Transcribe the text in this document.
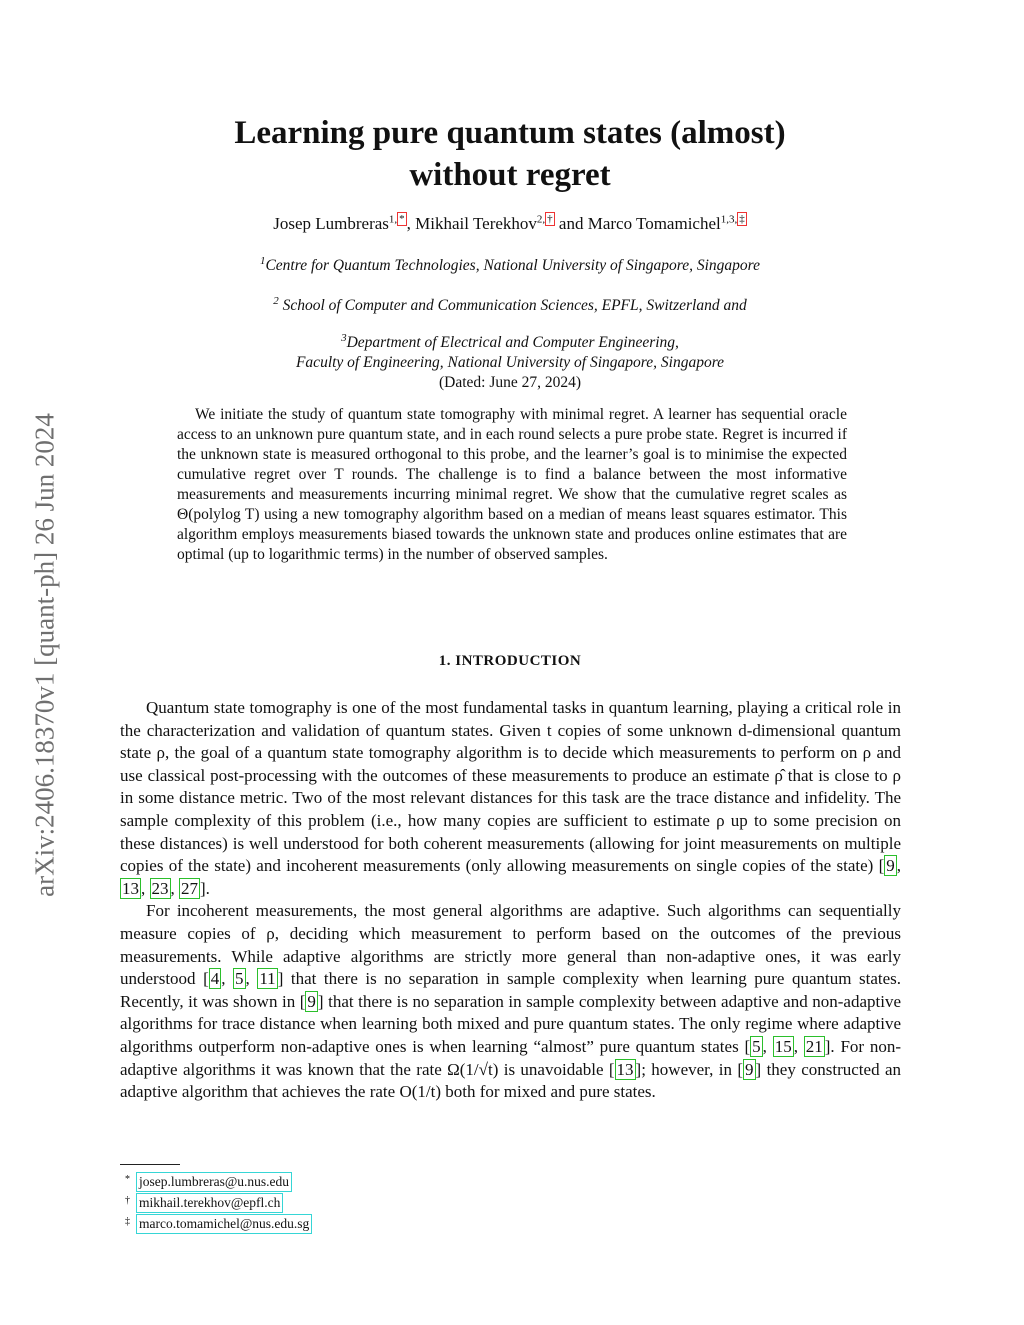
arXiv:2406.18370v1 [quant-ph] 26 Jun 2024
Learning pure quantum states (almost)
without regret
Josep Lumbreras$^{1,}$ * , Mikhail Terekhov$^{2,}$ † and Marco Tomamichel$^{1,3,}$ ‡
$^1$Centre for Quantum Technologies, National University of Singapore, Singapore
$^2$ School of Computer and Communication Sciences, EPFL, Switzerland and
$^3$Department of Electrical and Computer Engineering,
Faculty of Engineering, National University of Singapore, Singapore
(Dated: June 27, 2024)

We initiate the study of quantum state tomography with minimal regret. A learner has sequential oracle access to an unknown pure quantum state, and in each round selects a pure probe state. Regret is incurred if the unknown state is measured orthogonal to this probe, and the learner’s goal is to minimise the expected cumulative regret over T rounds. The challenge is to find a balance between the most informative measurements and measurements incurring minimal regret. We show that the cumulative regret scales as Θ(polylog T) using a new tomography algorithm based on a median of means least squares estimator. This algorithm employs measurements biased towards the unknown state and produces online estimates that are optimal (up to logarithmic terms) in the number of observed samples.

1. INTRODUCTION

Quantum state tomography is one of the most fundamental tasks in quantum learning, playing a critical role in the characterization and validation of quantum states. Given t copies of some unknown d-dimensional quantum state ρ, the goal of a quantum state tomography algorithm is to decide which measurements to perform on ρ and use classical post-processing with the outcomes of these measurements to produce an estimate ρ̂ that is close to ρ in some distance metric. Two of the most relevant distances for this task are the trace distance and infidelity. The sample complexity of this problem (i.e., how many copies are sufficient to estimate ρ up to some precision on these distances) is well understood for both coherent measurements (allowing for joint measurements on multiple copies of the state) and incoherent measurements (only allowing measurements on single copies of the state) [ 9 , 13 , 23 , 27 ].

For incoherent measurements, the most general algorithms are adaptive. Such algorithms can sequentially measure copies of ρ, deciding which measurement to perform based on the outcomes of the previous measurements. While adaptive algorithms are strictly more general than non-adaptive ones, it was early understood [ 4 , 5 , 11 ] that there is no separation in sample complexity when learning pure quantum states. Recently, it was shown in [ 9 ] that there is no separation in sample complexity between adaptive and non-adaptive algorithms for trace distance when learning both mixed and pure quantum states. The only regime where adaptive algorithms outperform non-adaptive ones is when learning “almost” pure quantum states [ 5 , 15 , 21 ]. For non-adaptive algorithms it was known that the rate Ω(1/√t) is unavoidable [ 13 ]; however, in [ 9 ] they constructed an adaptive algorithm that achieves the rate O(1/t) both for mixed and pure states.

* josep.lumbreras@u.nus.edu
† mikhail.terekhov@epfl.ch
‡ marco.tomamichel@nus.edu.sg
